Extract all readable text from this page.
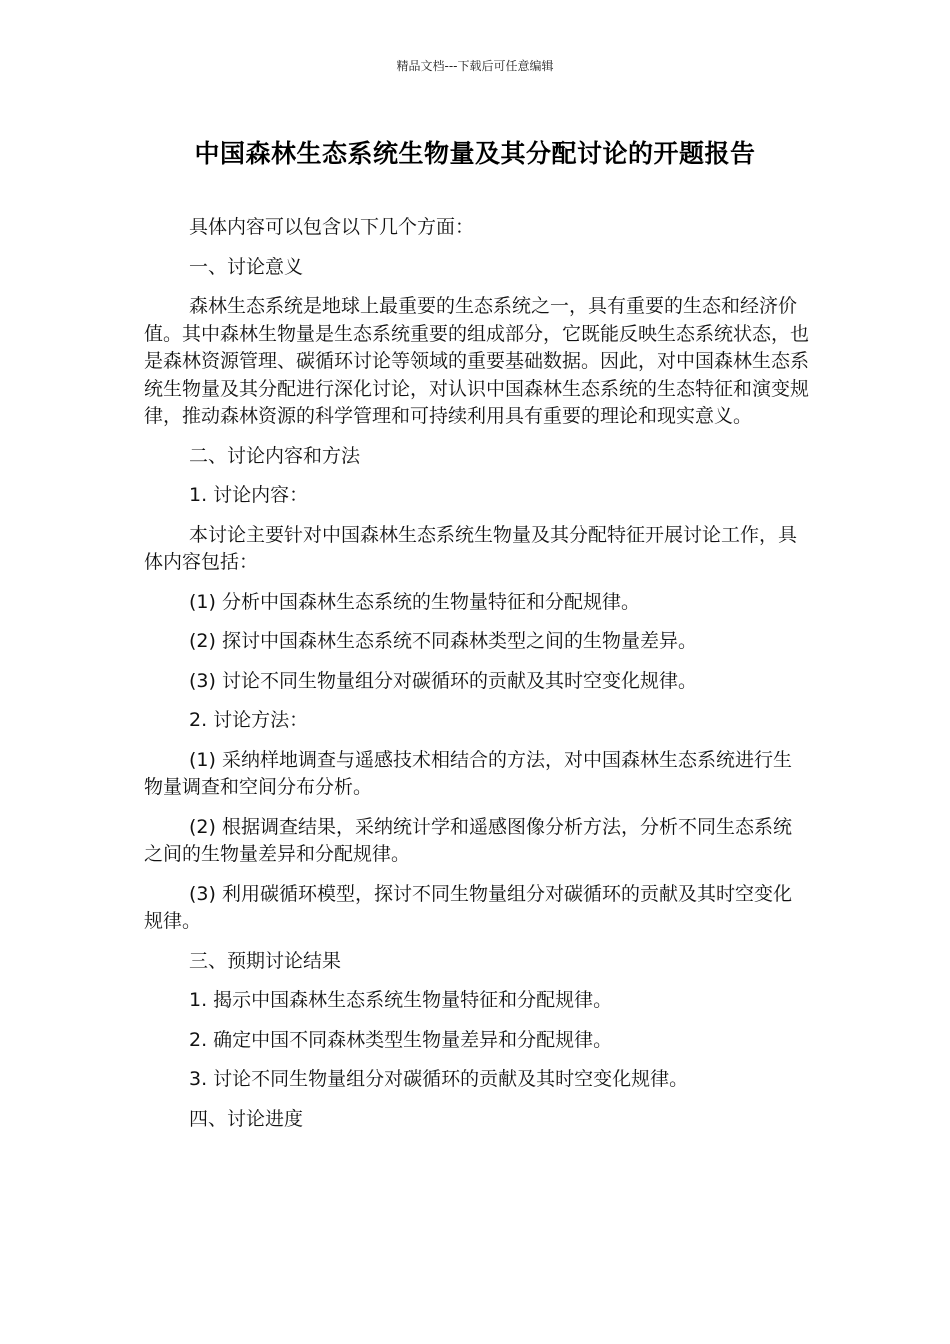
精品文档---下载后可任意编辑
中国森林生态系统生物量及其分配讨论的开题报告

具体内容可以包含以下几个方面：

一、讨论意义

森林生态系统是地球上最重要的生态系统之一，具有重要的生态和经济价值。其中森林生物量是生态系统重要的组成部分，它既能反映生态系统状态，也是森林资源管理、碳循环讨论等领域的重要基础数据。因此，对中国森林生态系统生物量及其分配进行深化讨论，对认识中国森林生态系统的生态特征和演变规律，推动森林资源的科学管理和可持续利用具有重要的理论和现实意义。

二、讨论内容和方法

1. 讨论内容：

本讨论主要针对中国森林生态系统生物量及其分配特征开展讨论工作，具体内容包括：

(1) 分析中国森林生态系统的生物量特征和分配规律。

(2) 探讨中国森林生态系统不同森林类型之间的生物量差异。

(3) 讨论不同生物量组分对碳循环的贡献及其时空变化规律。

2. 讨论方法：

(1) 采纳样地调查与遥感技术相结合的方法，对中国森林生态系统进行生物量调查和空间分布分析。

(2) 根据调查结果，采纳统计学和遥感图像分析方法，分析不同生态系统之间的生物量差异和分配规律。

(3) 利用碳循环模型，探讨不同生物量组分对碳循环的贡献及其时空变化规律。

三、预期讨论结果

1. 揭示中国森林生态系统生物量特征和分配规律。

2. 确定中国不同森林类型生物量差异和分配规律。

3. 讨论不同生物量组分对碳循环的贡献及其时空变化规律。

四、讨论进度
